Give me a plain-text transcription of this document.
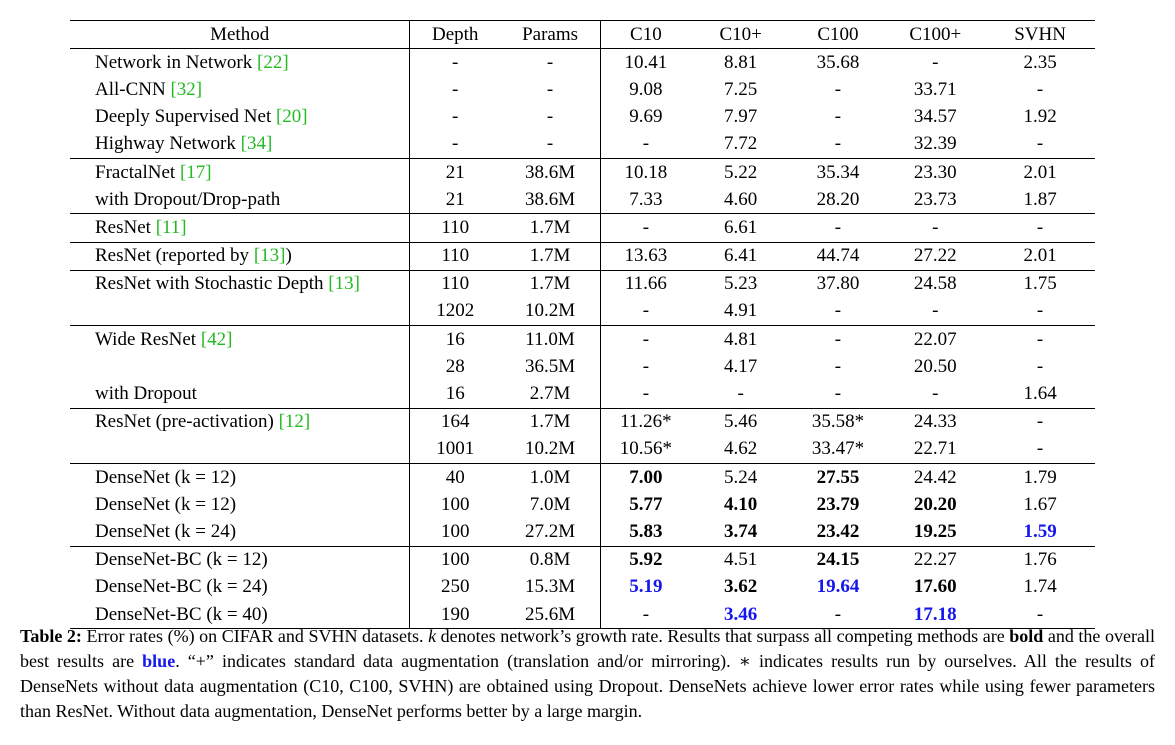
Method	Depth	Params	C10	C10+	C100	C100+	SVHN
Network in Network [22]	-	-	10.41	8.81	35.68	-	2.35
All-CNN [32]	-	-	9.08	7.25	-	33.71	-
Deeply Supervised Net [20]	-	-	9.69	7.97	-	34.57	1.92
Highway Network [34]	-	-	-	7.72	-	32.39	-
FractalNet [17]	21	38.6M	10.18	5.22	35.34	23.30	2.01
with Dropout/Drop-path	21	38.6M	7.33	4.60	28.20	23.73	1.87
ResNet [11]	110	1.7M	-	6.61	-	-	-
ResNet (reported by [13])	110	1.7M	13.63	6.41	44.74	27.22	2.01
ResNet with Stochastic Depth [13]	110	1.7M	11.66	5.23	37.80	24.58	1.75
	1202	10.2M	-	4.91	-	-	-
Wide ResNet [42]	16	11.0M	-	4.81	-	22.07	-
	28	36.5M	-	4.17	-	20.50	-
with Dropout	16	2.7M	-	-	-	-	1.64
ResNet (pre-activation) [12]	164	1.7M	11.26*	5.46	35.58*	24.33	-
	1001	10.2M	10.56*	4.62	33.47*	22.71	-
DenseNet (k = 12)	40	1.0M	7.00	5.24	27.55	24.42	1.79
DenseNet (k = 12)	100	7.0M	5.77	4.10	23.79	20.20	1.67
DenseNet (k = 24)	100	27.2M	5.83	3.74	23.42	19.25	1.59
DenseNet-BC (k = 12)	100	0.8M	5.92	4.51	24.15	22.27	1.76
DenseNet-BC (k = 24)	250	15.3M	5.19	3.62	19.64	17.60	1.74
DenseNet-BC (k = 40)	190	25.6M	-	3.46	-	17.18	-
Table 2: Error rates (%) on CIFAR and SVHN datasets. k denotes network’s growth rate. Results that surpass all competing methods are bold and the overall best results are blue. “+” indicates standard data augmentation (translation and/or mirroring). ∗ indicates results run by ourselves. All the results of DenseNets without data augmentation (C10, C100, SVHN) are obtained using Dropout. DenseNets achieve lower error rates while using fewer parameters than ResNet. Without data augmentation, DenseNet performs better by a large margin.
